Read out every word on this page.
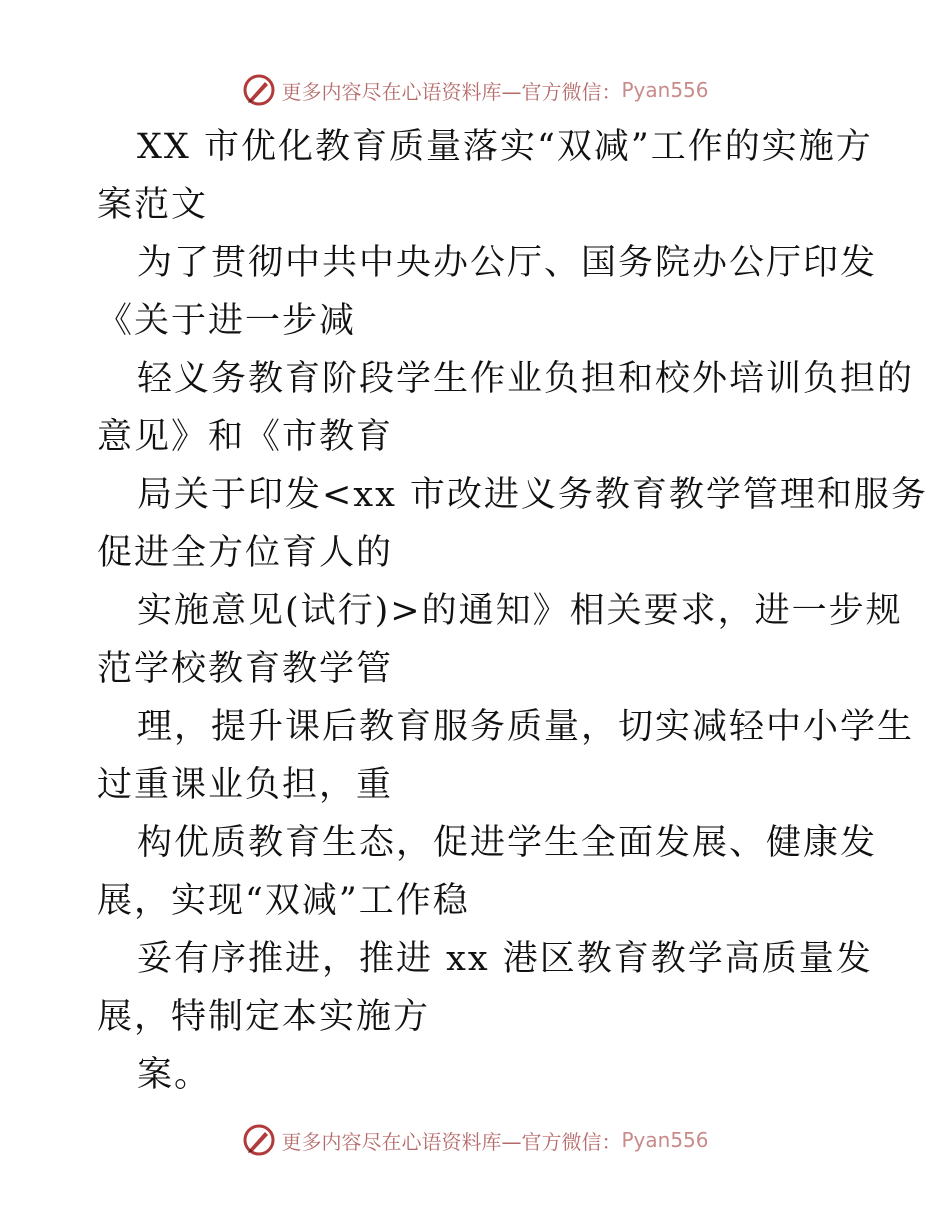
更多内容尽在心语资料库—官方微信： Pyan556
XX 市优化教育质量落实“双减”工作的实施方
案范文
为了贯彻中共中央办公厅、国务院办公厅印发
《关于进一步减
轻义务教育阶段学生作业负担和校外培训负担的
意见》和《市教育
局关于印发<xx 市改进义务教育教学管理和服务
促进全方位育人的
实施意见(试行)>的通知》相关要求，进一步规
范学校教育教学管
理，提升课后教育服务质量，切实减轻中小学生
过重课业负担，重
构优质教育生态，促进学生全面发展、健康发
展，实现“双减”工作稳
妥有序推进，推进 xx 港区教育教学高质量发
展，特制定本实施方
案。
更多内容尽在心语资料库—官方微信： Pyan556
